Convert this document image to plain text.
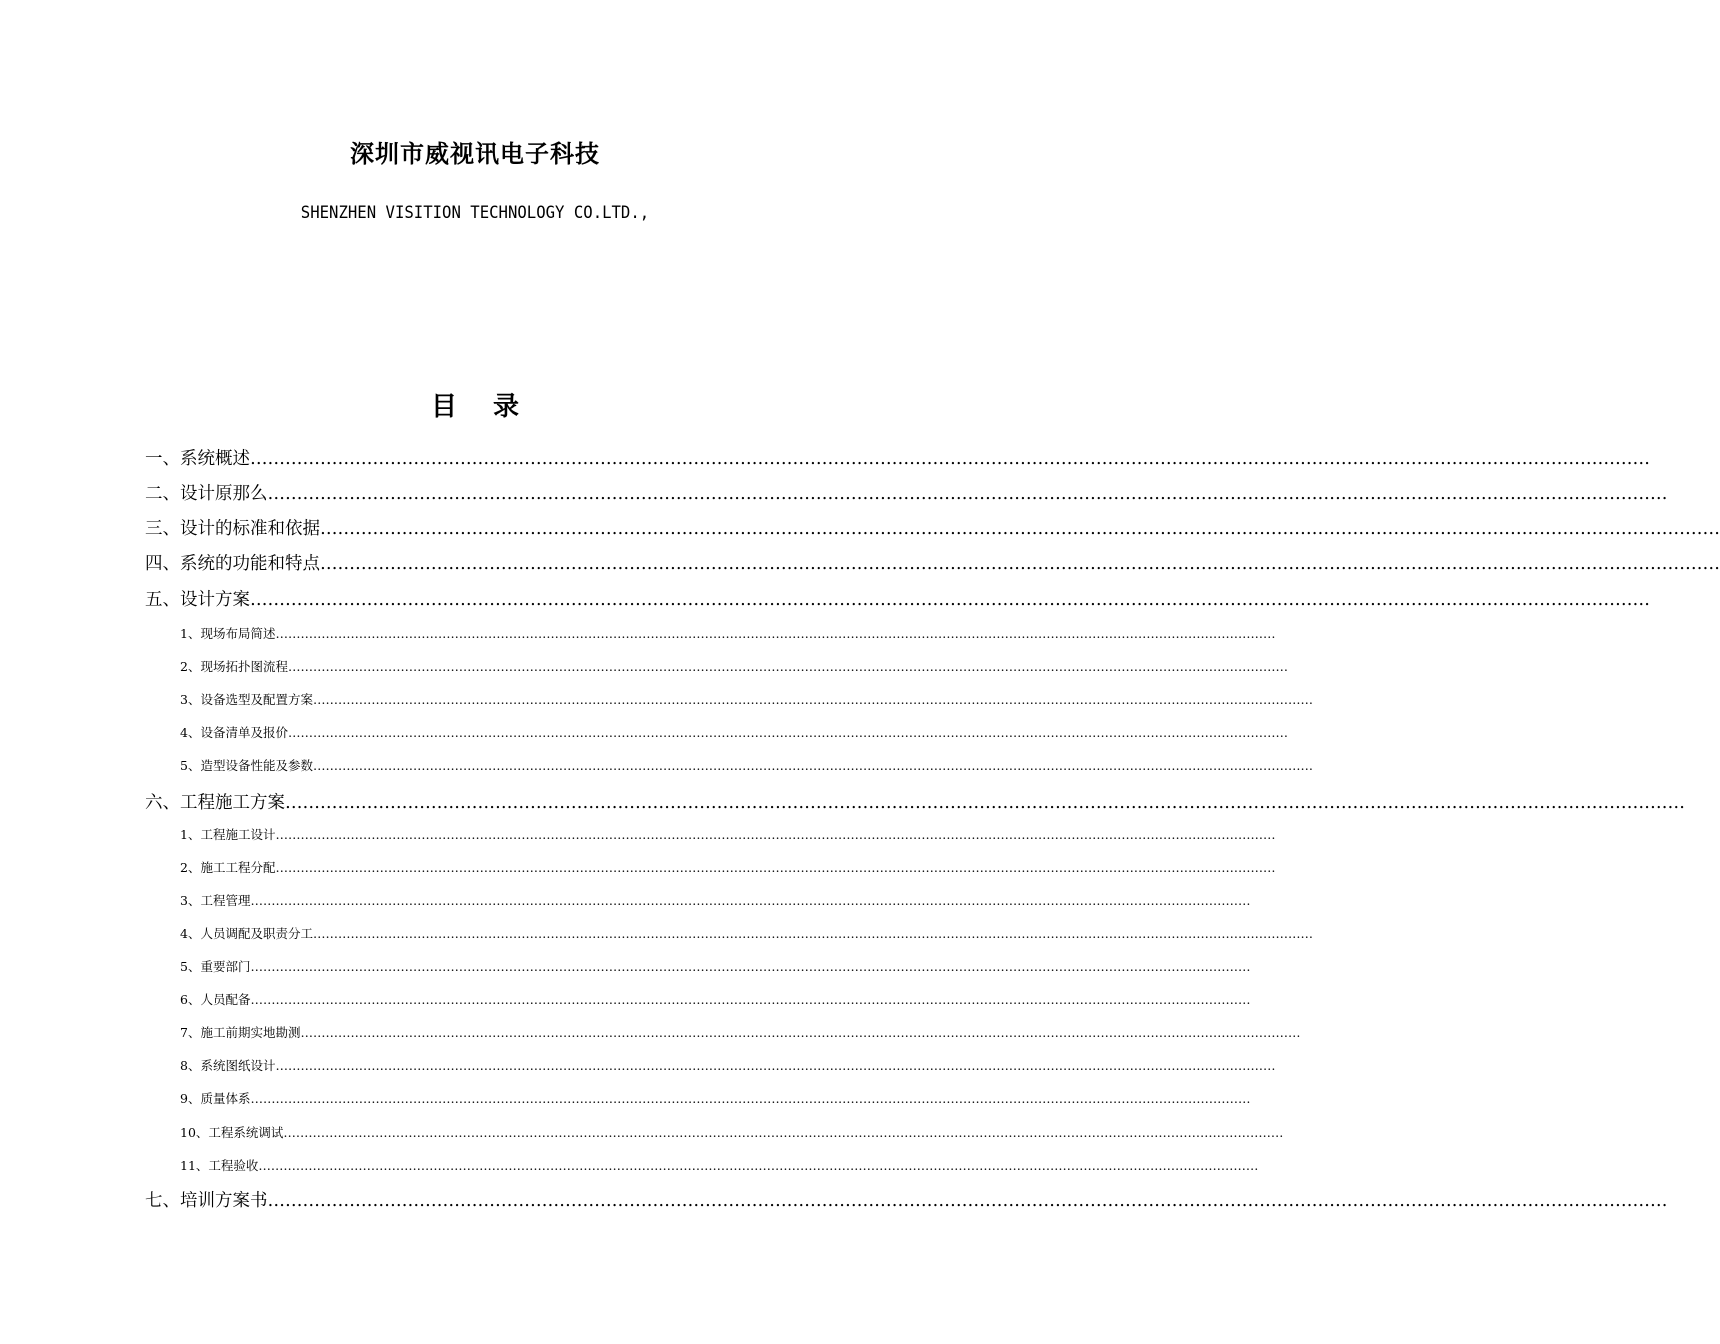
深圳市威视讯电子科技
SHENZHEN VISITION TECHNOLOGY CO.LTD.,
目 录
一、系统概述 ……………………………………………………………………………………………………………………………………………………………………………………………………………………
二、设计原那么 ……………………………………………………………………………………………………………………………………………………………………………………………………………………
三、设计的标准和依据 ……………………………………………………………………………………………………………………………………………………………………………………………………………………
四、系统的功能和特点 ……………………………………………………………………………………………………………………………………………………………………………………………………………………
五、设计方案 ……………………………………………………………………………………………………………………………………………………………………………………………………………………
1、现场布局简述 ……………………………………………………………………………………………………………………………………………………………………………………………………………………
2、现场拓扑图流程 ……………………………………………………………………………………………………………………………………………………………………………………………………………………
3、设备选型及配置方案 ……………………………………………………………………………………………………………………………………………………………………………………………………………………
4、设备清单及报价 ……………………………………………………………………………………………………………………………………………………………………………………………………………………
5、造型设备性能及参数 ……………………………………………………………………………………………………………………………………………………………………………………………………………………
六、工程施工方案 ……………………………………………………………………………………………………………………………………………………………………………………………………………………
1、工程施工设计 ……………………………………………………………………………………………………………………………………………………………………………………………………………………
2、施工工程分配 ……………………………………………………………………………………………………………………………………………………………………………………………………………………
3、工程管理 ……………………………………………………………………………………………………………………………………………………………………………………………………………………
4、人员调配及职责分工 ……………………………………………………………………………………………………………………………………………………………………………………………………………………
5、重要部门 ……………………………………………………………………………………………………………………………………………………………………………………………………………………
6、人员配备 ……………………………………………………………………………………………………………………………………………………………………………………………………………………
7、施工前期实地勘测 ……………………………………………………………………………………………………………………………………………………………………………………………………………………
8、系统图纸设计 ……………………………………………………………………………………………………………………………………………………………………………………………………………………
9、质量体系 ……………………………………………………………………………………………………………………………………………………………………………………………………………………
10、工程系统调试 ……………………………………………………………………………………………………………………………………………………………………………………………………………………
11、工程验收 ……………………………………………………………………………………………………………………………………………………………………………………………………………………
七、培训方案书 ……………………………………………………………………………………………………………………………………………………………………………………………………………………
